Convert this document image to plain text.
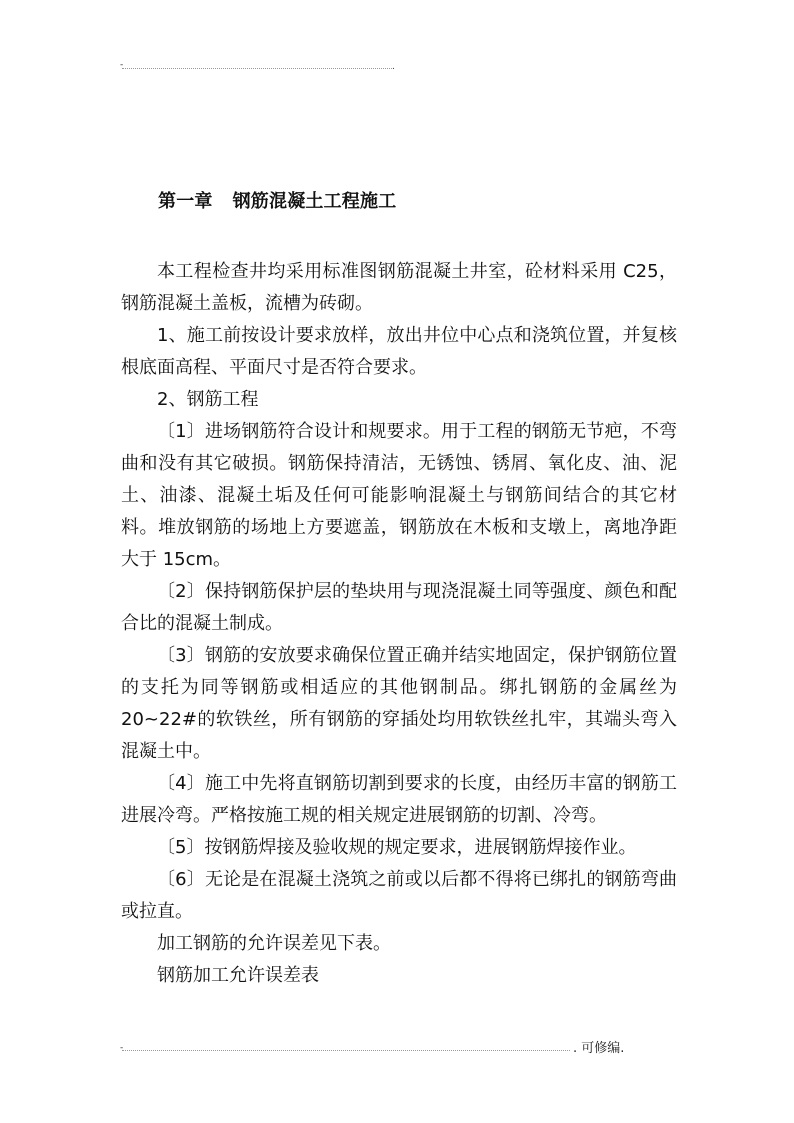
-	.
第一章 钢筋混凝土工程施工

本工程检查井均采用标准图钢筋混凝土井室，砼材料采用 C25，钢筋混凝土盖板，流槽为砖砌。

1、施工前按设计要求放样，放出井位中心点和浇筑位置，并复核根底面高程、平面尺寸是否符合要求。

2、钢筋工程

〔1〕进场钢筋符合设计和规要求。用于工程的钢筋无节疤，不弯曲和没有其它破损。钢筋保持清洁，无锈蚀、锈屑、氧化皮、油、泥土、油漆、混凝土垢及任何可能影响混凝土与钢筋间结合的其它材料。堆放钢筋的场地上方要遮盖，钢筋放在木板和支墩上，离地净距大于 15cm。

〔2〕保持钢筋保护层的垫块用与现浇混凝土同等强度、颜色和配合比的混凝土制成。

〔3〕钢筋的安放要求确保位置正确并结实地固定，保护钢筋位置的支托为同等钢筋或相适应的其他钢制品。绑扎钢筋的金属丝为 20~22#的软铁丝，所有钢筋的穿插处均用软铁丝扎牢，其端头弯入混凝土中。

〔4〕施工中先将直钢筋切割到要求的长度，由经历丰富的钢筋工进展冷弯。严格按施工规的相关规定进展钢筋的切割、冷弯。

〔5〕按钢筋焊接及验收规的规定要求，进展钢筋焊接作业。

〔6〕无论是在混凝土浇筑之前或以后都不得将已绑扎的钢筋弯曲或拉直。

加工钢筋的允许误差见下表。

钢筋加工允许误差表

-	. 可修编.
